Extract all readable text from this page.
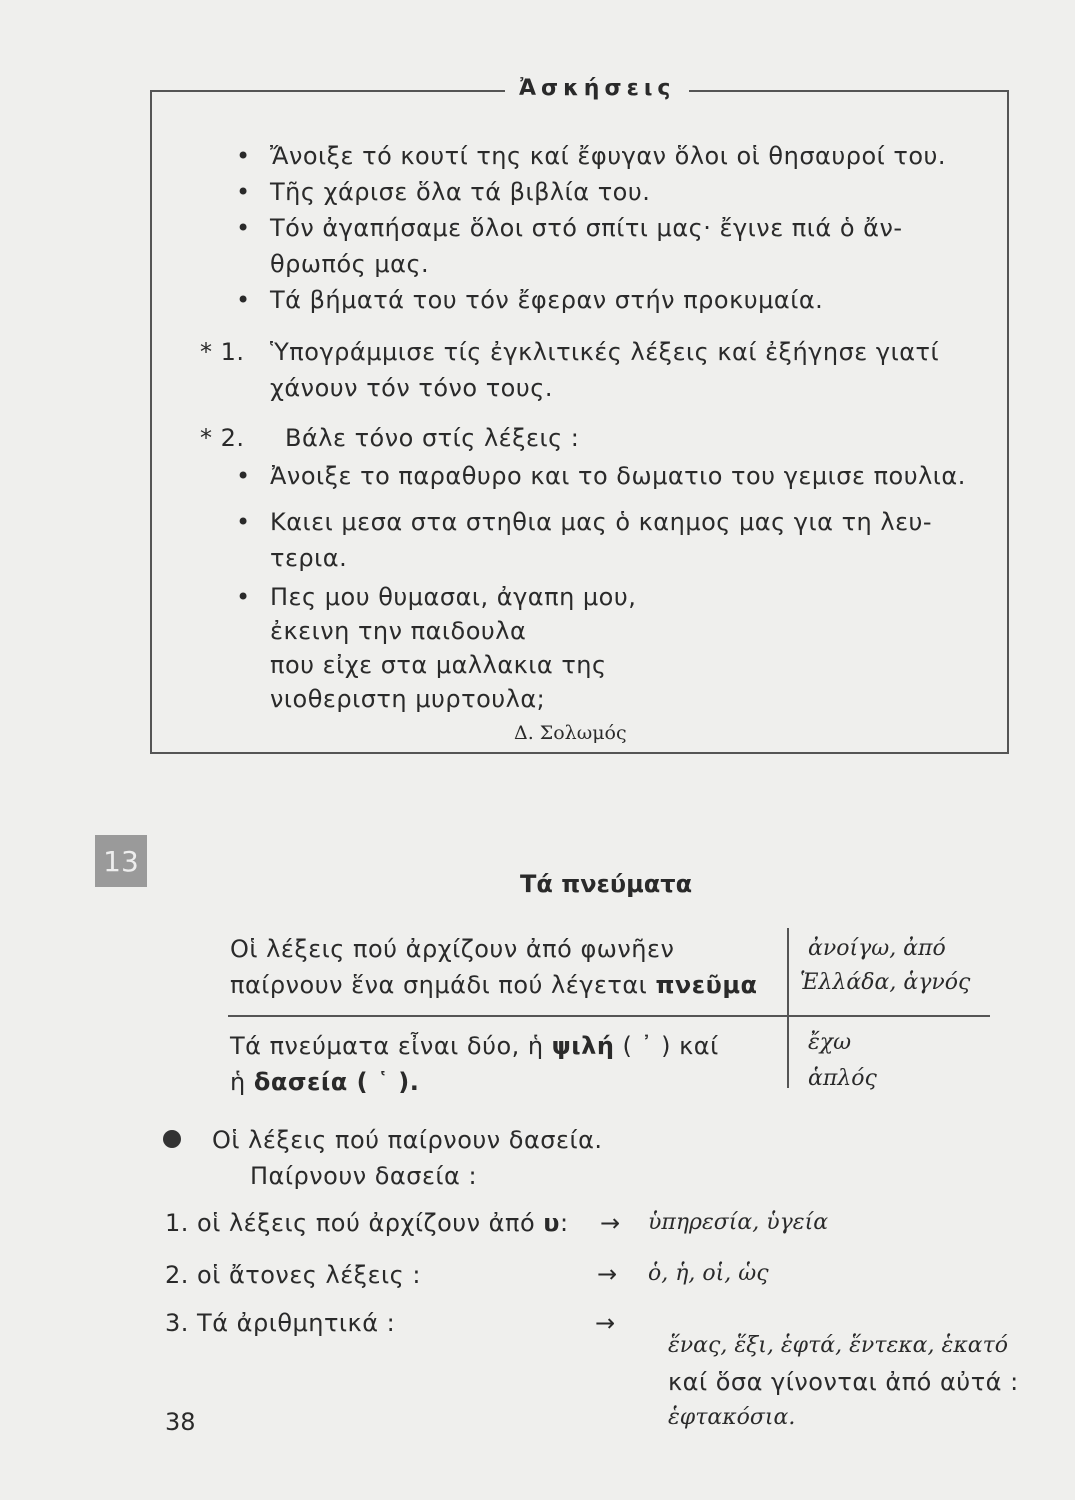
Ἀσκήσεις
• Ἄνοιξε τό κουτί της καί ἔφυγαν ὅλοι οἱ θησαυροί του.
• Τῆς χάρισε ὅλα τά βιβλία του.
• Τόν ἀγαπήσαμε ὅλοι στό σπίτι μας· ἔγινε πιά ὁ ἄν-
θρωπός μας.
• Τά βήματά του τόν ἔφεραν στήν προκυμαία.
* 1. Ὑπογράμμισε τίς ἐγκλιτικές λέξεις καί ἐξήγησε γιατί
χάνουν τόν τόνο τους.
* 2. Βάλε τόνο στίς λέξεις :
• Ἀνοιξε το παραθυρο και το δωματιο του γεμισε πουλια.
• Καιει μεσα στα στηθια μας ὁ καημος μας για τη λευ-
τερια.
• Πες μου θυμασαι, ἀγαπη μου,
ἐκεινη την παιδουλα
που εἰχε στα μαλλακια της
νιοθεριστη μυρτουλα;
Δ. Σολωμός
13
Τά πνεύματα
Οἱ λέξεις πού ἀρχίζουν ἀπό φωνῆεν
παίρνουν ἕνα σημάδι πού λέγεται πνεῦμα
ἀνοίγω, ἀπό
Ἑλλάδα, ἁγνός
Τά πνεύματα εἶναι δύο, ἡ ψιλή ( ᾿ ) καί
ἡ δασεία ( ῾ ).
ἔχω
ἁπλός
Οἱ λέξεις πού παίρνουν δασεία.
Παίρνουν δασεία :
1. οἱ λέξεις πού ἀρχίζουν ἀπό υ: → ὑπηρεσία, ὑγεία
2. οἱ ἄτονες λέξεις :	→ ὁ, ἡ, οἱ, ὡς
3. Τά ἀριθμητικά :	→
ἕνας, ἕξι, ἑφτά, ἕντεκα, ἑκατό
καί ὅσα γίνονται ἀπό αὐτά :
ἑφτακόσια.
38
